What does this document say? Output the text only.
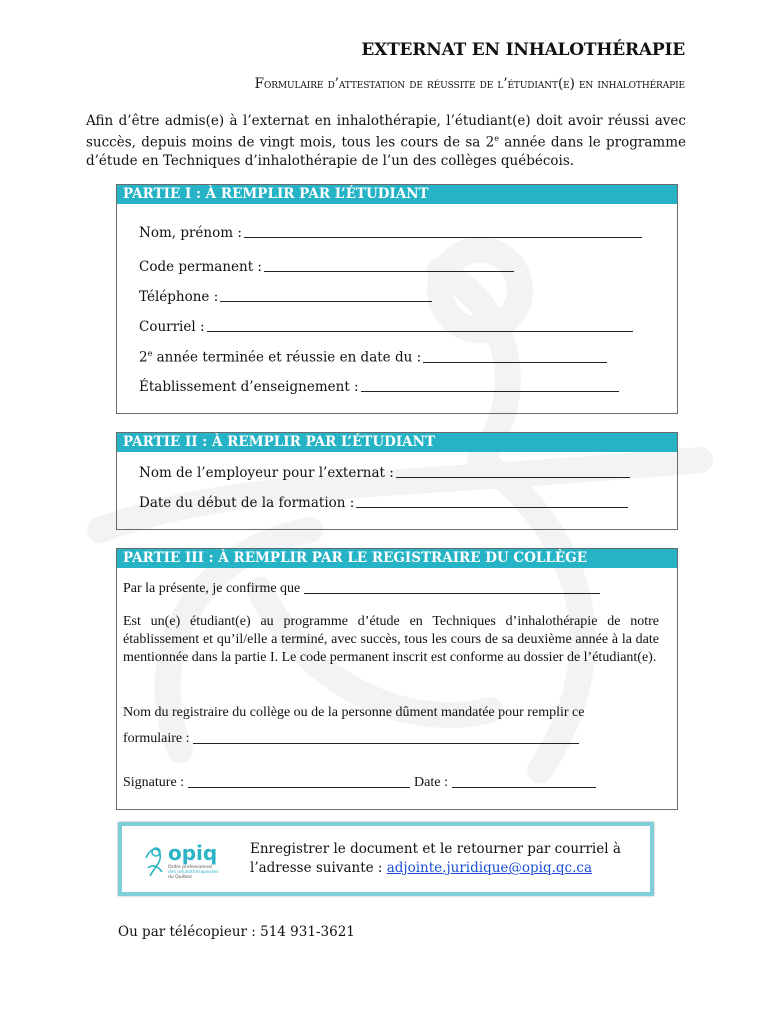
EXTERNAT EN INHALOTHÉRAPIE
Formulaire d’attestation de réussite de l’étudiant(e) en inhalothérapie
Afin d’être admis(e) à l’externat en inhalothérapie, l’étudiant(e) doit avoir réussi avec succès, depuis moins de vingt mois, tous les cours de sa 2e année dans le programme d’étude en Techniques d’inhalothérapie de l’un des collèges québécois.
PARTIE I : À REMPLIR PAR L’ÉTUDIANT
Nom, prénom :
Code permanent :
Téléphone :
Courriel :
2e année terminée et réussie en date du :
Établissement d’enseignement :
PARTIE II : À REMPLIR PAR L’ÉTUDIANT
Nom de l’employeur pour l’externat :
Date du début de la formation :
PARTIE III : À REMPLIR PAR LE REGISTRAIRE DU COLLÈGE
Par la présente, je confirme que
Est un(e) étudiant(e) au programme d’étude en Techniques d’inhalothérapie de notre établissement et qu’il/elle a terminé, avec succès, tous les cours de sa deuxième année à la date mentionnée dans la partie I. Le code permanent inscrit est conforme au dossier de l’étudiant(e).
Nom du registraire du collège ou de la personne dûment mandatée pour remplir ce
formulaire :
Signature :	Date :
opiq
Ordre professionnel
des inhalothérapeutes
du Québec
Enregistrer le document et le retourner par courriel à
l’adresse suivante : adjointe.juridique@opiq.qc.ca
Ou par télécopieur : 514 931-3621
